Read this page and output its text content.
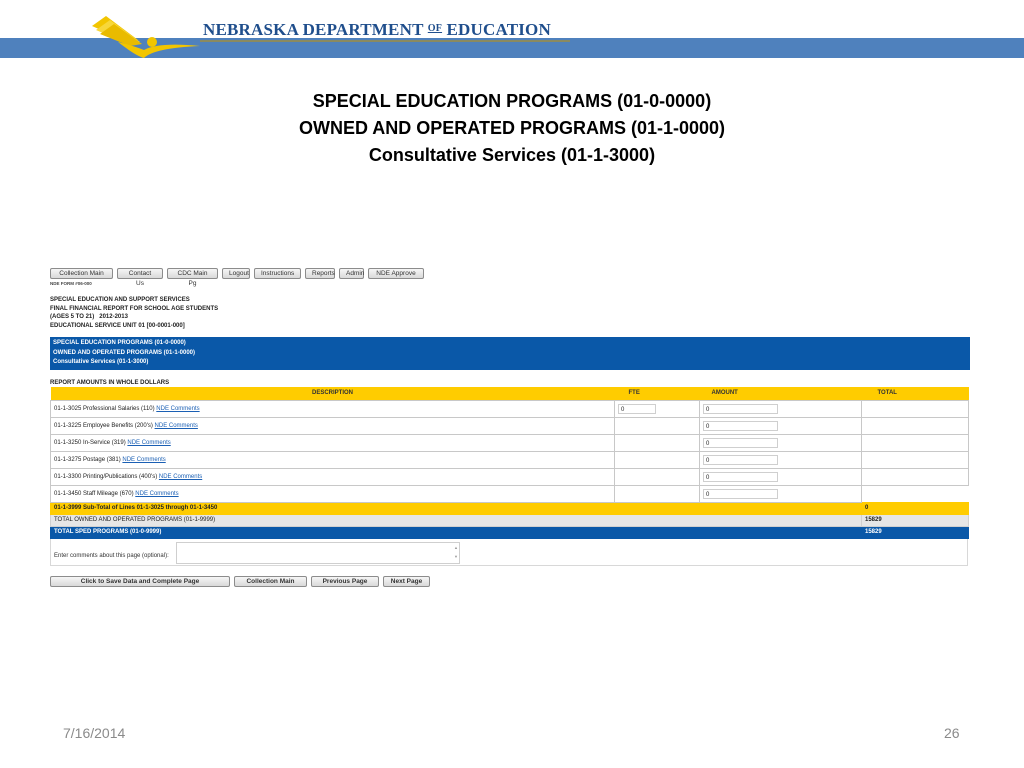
NEBRASKA DEPARTMENT $^{OF}$ EDUCATION
SPECIAL EDUCATION PROGRAMS (01-0-0000)
OWNED AND OPERATED PROGRAMS (01-1-0000)
Consultative Services (01-1-3000)
Collection Main	Contact Us
CDC Main Pg
Logout	Instructions	Reports	Admin	NDE Approve
NDE FORM #06-000
SPECIAL EDUCATION AND SUPPORT SERVICES
FINAL FINANCIAL REPORT FOR SCHOOL AGE STUDENTS
(AGES 5 TO 21)   2012-2013
EDUCATIONAL SERVICE UNIT 01 [00-0001-000]
SPECIAL EDUCATION PROGRAMS (01-0-0000)
OWNED AND OPERATED PROGRAMS (01-1-0000)
Consultative Services (01-1-3000)
REPORT AMOUNTS IN WHOLE DOLLARS
DESCRIPTION	FTE	AMOUNT	TOTAL
01-1-3025 Professional Salaries (110) NDE Comments	0	0	
01-1-3225 Employee Benefits (200's) NDE Comments		0	
01-1-3250 In-Service (319) NDE Comments		0	
01-1-3275 Postage (381) NDE Comments		0	
01-1-3300 Printing/Publications (400's) NDE Comments		0	
01-1-3450 Staff Mileage (670) NDE Comments		0	
01-1-3999 Sub-Total of Lines 01-1-3025 through 01-1-3450			0
TOTAL OWNED AND OPERATED PROGRAMS (01-1-9999)			15829
TOTAL SPED PROGRAMS (01-0-9999)			15829
Enter comments about this page (optional):
▲
▼
Click to Save Data and Complete Page	Collection Main	Previous Page	Next Page
7/16/2014	26
